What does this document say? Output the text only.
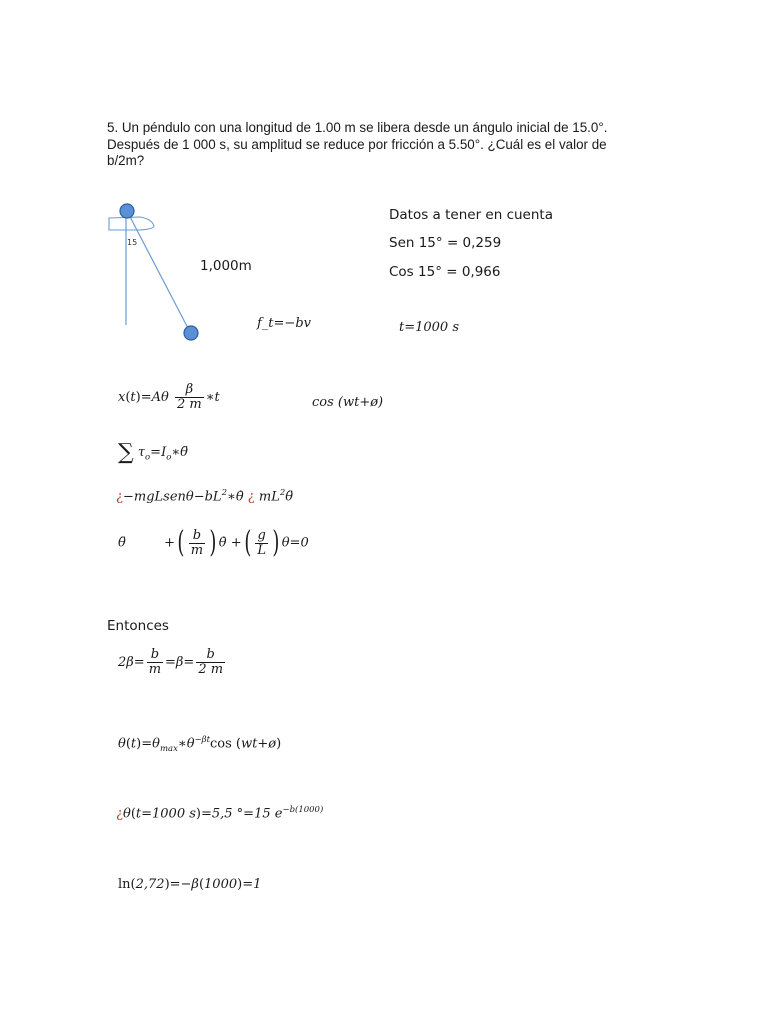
5. Un péndulo con una longitud de 1.00 m se libera desde un ángulo inicial de 15.0°. Después de 1 000 s, su amplitud se reduce por fricción a 5.50°. ¿Cuál es el valor de b/2m?
15
1,000m
f_t=−bv
Datos a tener en cuenta
Sen 15° = 0,259
Cos 15° = 0,966
t=1000 s
$x(t)=A\theta \frac{\beta}{2 m}$ ∗t	cos (wt+ø)
∑ $\tau_o=I_o∗\thetä$
¿$-mgLsen\theta-bL^2∗\thetȧ$ ¿ $mL^2\thetä$
θ̈	+( $\frac{b}{m}$ ) θ̇ +( $\frac{g}{L}$ ) θ=0
Entonces
$2\beta= \frac{b}{m} =\beta= \frac{b}{2 m}$
$\theta(t)=\theta_{max}∗\theta^{-\beta t}\cos$ (wt+ø)
¿θ(t=1000 s)=5,5 °=15 $e^{-b(1000)}$
ln(2,72)=−β(1000)=1
